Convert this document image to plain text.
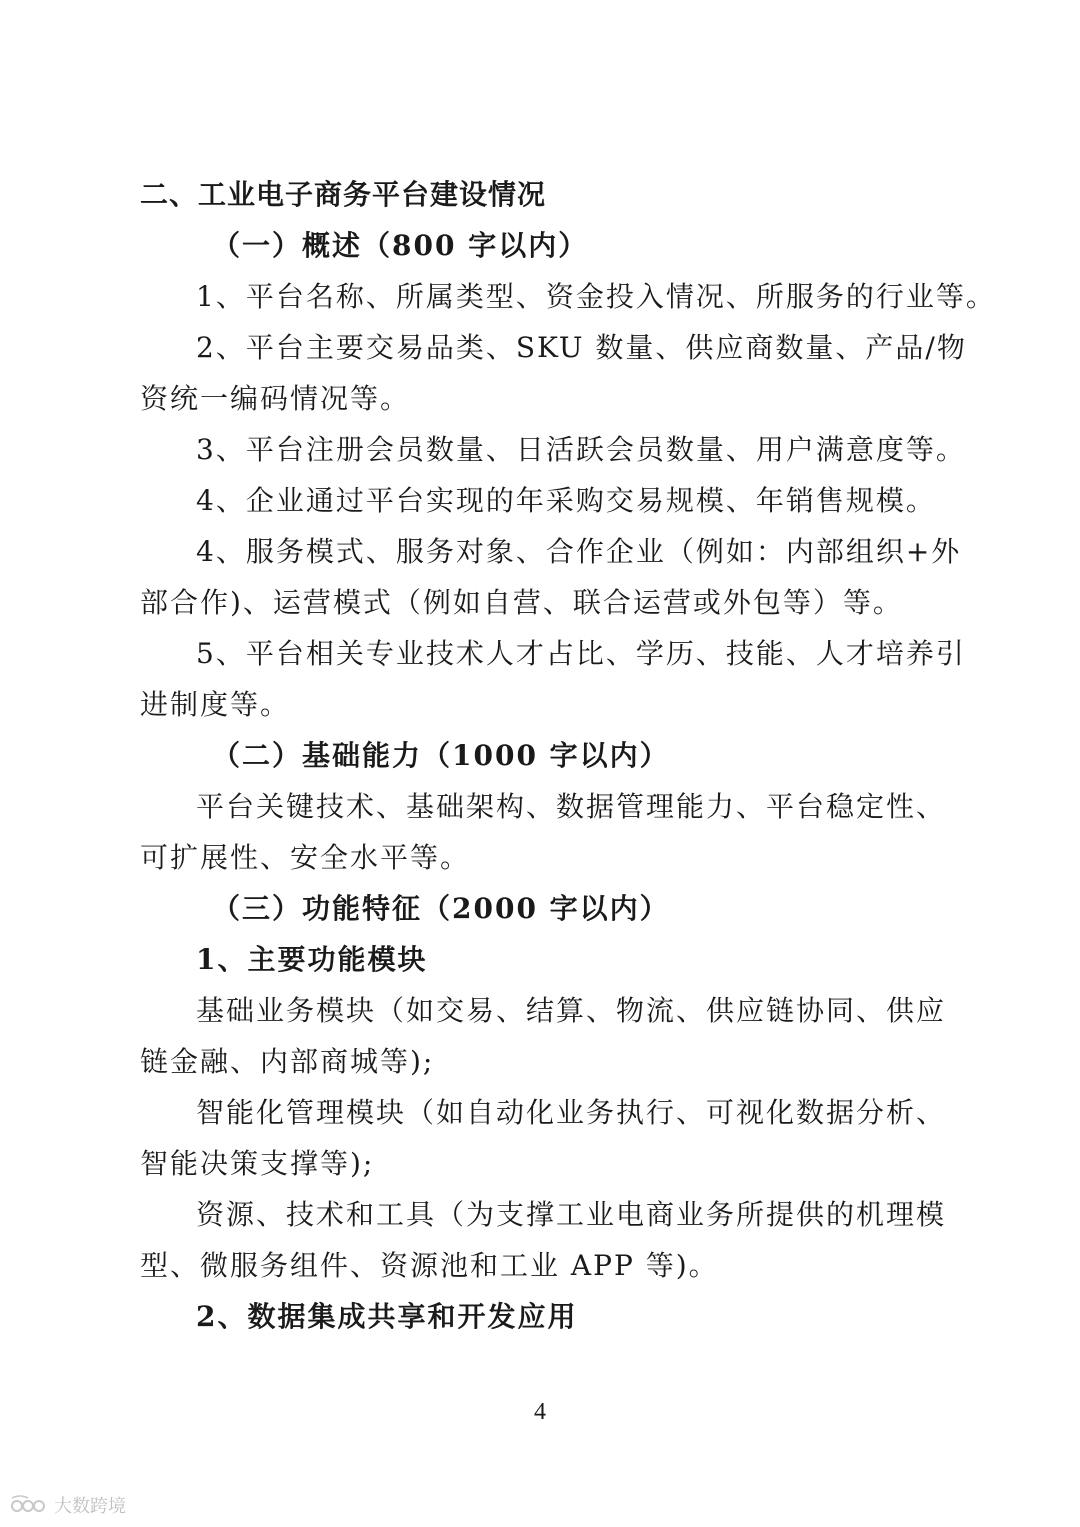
二、工业电子商务平台建设情况
（一）概述（800 字以内）
1、平台名称、所属类型、资金投入情况、所服务的行业等。
2、平台主要交易品类、SKU 数量、供应商数量、产品/物
资统一编码情况等。
3、平台注册会员数量、日活跃会员数量、用户满意度等。
4、企业通过平台实现的年采购交易规模、年销售规模。
4、服务模式、服务对象、合作企业（例如：内部组织+外
部合作)、运营模式（例如自营、联合运营或外包等）等。
5、平台相关专业技术人才占比、学历、技能、人才培养引
进制度等。
（二）基础能力（1000 字以内）
平台关键技术、基础架构、数据管理能力、平台稳定性、
可扩展性、安全水平等。
（三）功能特征（2000 字以内）
1、主要功能模块
基础业务模块（如交易、结算、物流、供应链协同、供应
链金融、内部商城等);
智能化管理模块（如自动化业务执行、可视化数据分析、
智能决策支撑等);
资源、技术和工具（为支撑工业电商业务所提供的机理模
型、微服务组件、资源池和工业 APP 等)。
2、数据集成共享和开发应用
4
大数跨境
